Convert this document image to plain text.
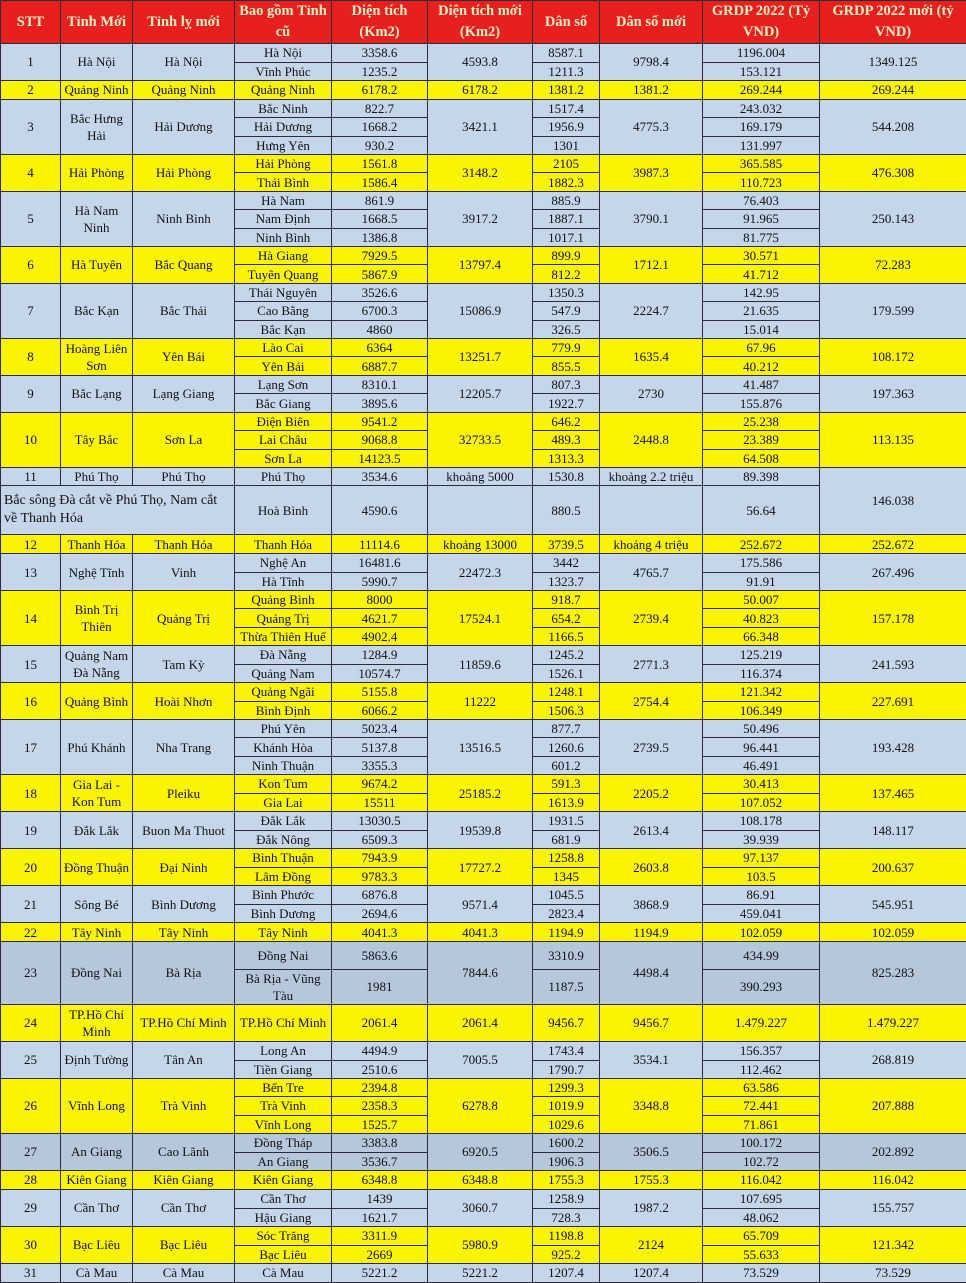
STT	Tỉnh Mới	Tỉnh lỵ mới	Bao gồm Tỉnh cũ	Diện tích (Km2)	Diện tích mới (Km2)	Dân số	Dân số mới	GRDP 2022 (Tỷ VND)	GRDP 2022 mới (tỷ VND)
1	Hà Nội	Hà Nội	Hà Nội	3358.6	4593.8	8587.1	9798.4	1196.004	1349.125
			Vĩnh Phúc	1235.2		1211.3		153.121	
2	Quảng Ninh	Quảng Ninh	Quảng Ninh	6178.2	6178.2	1381.2	1381.2	269.244	269.244
3	Bắc Hưng Hải	Hải Dương	Bắc Ninh	822.7	3421.1	1517.4	4775.3	243.032	544.208
			Hải Dương	1668.2		1956.9		169.179	
			Hưng Yên	930.2		1301		131.997	
4	Hải Phòng	Hải Phòng	Hải Phòng	1561.8	3148.2	2105	3987.3	365.585	476.308
			Thái Bình	1586.4		1882.3		110.723	
5	Hà Nam Ninh	Ninh Bình	Hà Nam	861.9	3917.2	885.9	3790.1	76.403	250.143
			Nam Định	1668.5		1887.1		91.965	
			Ninh Bình	1386.8		1017.1		81.775	
6	Hà Tuyên	Bắc Quang	Hà Giang	7929.5	13797.4	899.9	1712.1	30.571	72.283
			Tuyên Quang	5867.9		812.2		41.712	
7	Bắc Kạn	Bắc Thái	Thái Nguyên	3526.6	15086.9	1350.3	2224.7	142.95	179.599
			Cao Bằng	6700.3		547.9		21.635	
			Bắc Kạn	4860		326.5		15.014	
8	Hoàng Liên Sơn	Yên Bái	Lào Cai	6364	13251.7	779.9	1635.4	67.96	108.172
			Yên Bái	6887.7		855.5		40.212	
9	Bắc Lạng	Lạng Giang	Lạng Sơn	8310.1	12205.7	807.3	2730	41.487	197.363
			Bắc Giang	3895.6		1922.7		155.876	
10	Tây Bắc	Sơn La	Điện Biên	9541.2	32733.5	646.2	2448.8	25.238	113.135
			Lai Châu	9068.8		489.3		23.389	
			Sơn La	14123.5		1313.3		64.508	
11	Phú Thọ	Phú Thọ	Phú Thọ	3534.6	khoảng 5000	1530.8	khoảng 2.2 triệu	89.398	146.038
Bắc sông Đà cắt về Phú Thọ, Nam cắt về Thanh Hóa			Hoà Bình	4590.6		880.5		56.64	
12	Thanh Hóa	Thanh Hóa	Thanh Hóa	11114.6	khoảng 13000	3739.5	khoảng 4 triệu	252.672	252.672
13	Nghệ Tĩnh	Vinh	Nghệ An	16481.6	22472.3	3442	4765.7	175.586	267.496
			Hà Tĩnh	5990.7		1323.7		91.91	
14	Bình Trị Thiên	Quảng Trị	Quảng Bình	8000	17524.1	918.7	2739.4	50.007	157.178
			Quảng Trị	4621.7		654.2		40.823	
			Thừa Thiên Huế	4902.4		1166.5		66.348	
15	Quảng Nam Đà Nẵng	Tam Kỳ	Đà Nẵng	1284.9	11859.6	1245.2	2771.3	125.219	241.593
			Quảng Nam	10574.7		1526.1		116.374	
16	Quảng Bình	Hoài Nhơn	Quảng Ngãi	5155.8	11222	1248.1	2754.4	121.342	227.691
			Bình Định	6066.2		1506.3		106.349	
17	Phú Khánh	Nha Trang	Phú Yên	5023.4	13516.5	877.7	2739.5	50.496	193.428
			Khánh Hòa	5137.8		1260.6		96.441	
			Ninh Thuận	3355.3		601.2		46.491	
18	Gia Lai - Kon Tum	Pleiku	Kon Tum	9674.2	25185.2	591.3	2205.2	30.413	137.465
			Gia Lai	15511		1613.9		107.052	
19	Đắk Lắk	Buon Ma Thuot	Đắk Lắk	13030.5	19539.8	1931.5	2613.4	108.178	148.117
			Đắk Nông	6509.3		681.9		39.939	
20	Đồng Thuận	Đại Ninh	Bình Thuận	7943.9	17727.2	1258.8	2603.8	97.137	200.637
			Lâm Đồng	9783.3		1345		103.5	
21	Sông Bé	Bình Dương	Bình Phước	6876.8	9571.4	1045.5	3868.9	86.91	545.951
			Bình Dương	2694.6		2823.4		459.041	
22	Tây Ninh	Tây Ninh	Tây Ninh	4041.3	4041.3	1194.9	1194.9	102.059	102.059
23	Đồng Nai	Bà Rịa	Đồng Nai	5863.6	7844.6	3310.9	4498.4	434.99	825.283
			Bà Rịa - Vũng Tàu	1981		1187.5		390.293	
24	TP.Hồ Chí Minh	TP.Hồ Chí Minh	TP.Hồ Chí Minh	2061.4	2061.4	9456.7	9456.7	1.479.227	1.479.227
25	Định Tường	Tân An	Long An	4494.9	7005.5	1743.4	3534.1	156.357	268.819
			Tiền Giang	2510.6		1790.7		112.462	
26	Vĩnh Long	Trà Vinh	Bến Tre	2394.8	6278.8	1299.3	3348.8	63.586	207.888
			Trà Vinh	2358.3		1019.9		72.441	
			Vĩnh Long	1525.7		1029.6		71.861	
27	An Giang	Cao Lãnh	Đồng Tháp	3383.8	6920.5	1600.2	3506.5	100.172	202.892
			An Giang	3536.7		1906.3		102.72	
28	Kiên Giang	Kiên Giang	Kiên Giang	6348.8	6348.8	1755.3	1755.3	116.042	116.042
29	Cần Thơ	Cần Thơ	Cần Thơ	1439	3060.7	1258.9	1987.2	107.695	155.757
			Hậu Giang	1621.7		728.3		48.062	
30	Bạc Liêu	Bạc Liêu	Sóc Trăng	3311.9	5980.9	1198.8	2124	65.709	121.342
			Bạc Liêu	2669		925.2		55.633	
31	Cà Mau	Cà Mau	Cà Mau	5221.2	5221.2	1207.4	1207.4	73.529	73.529
